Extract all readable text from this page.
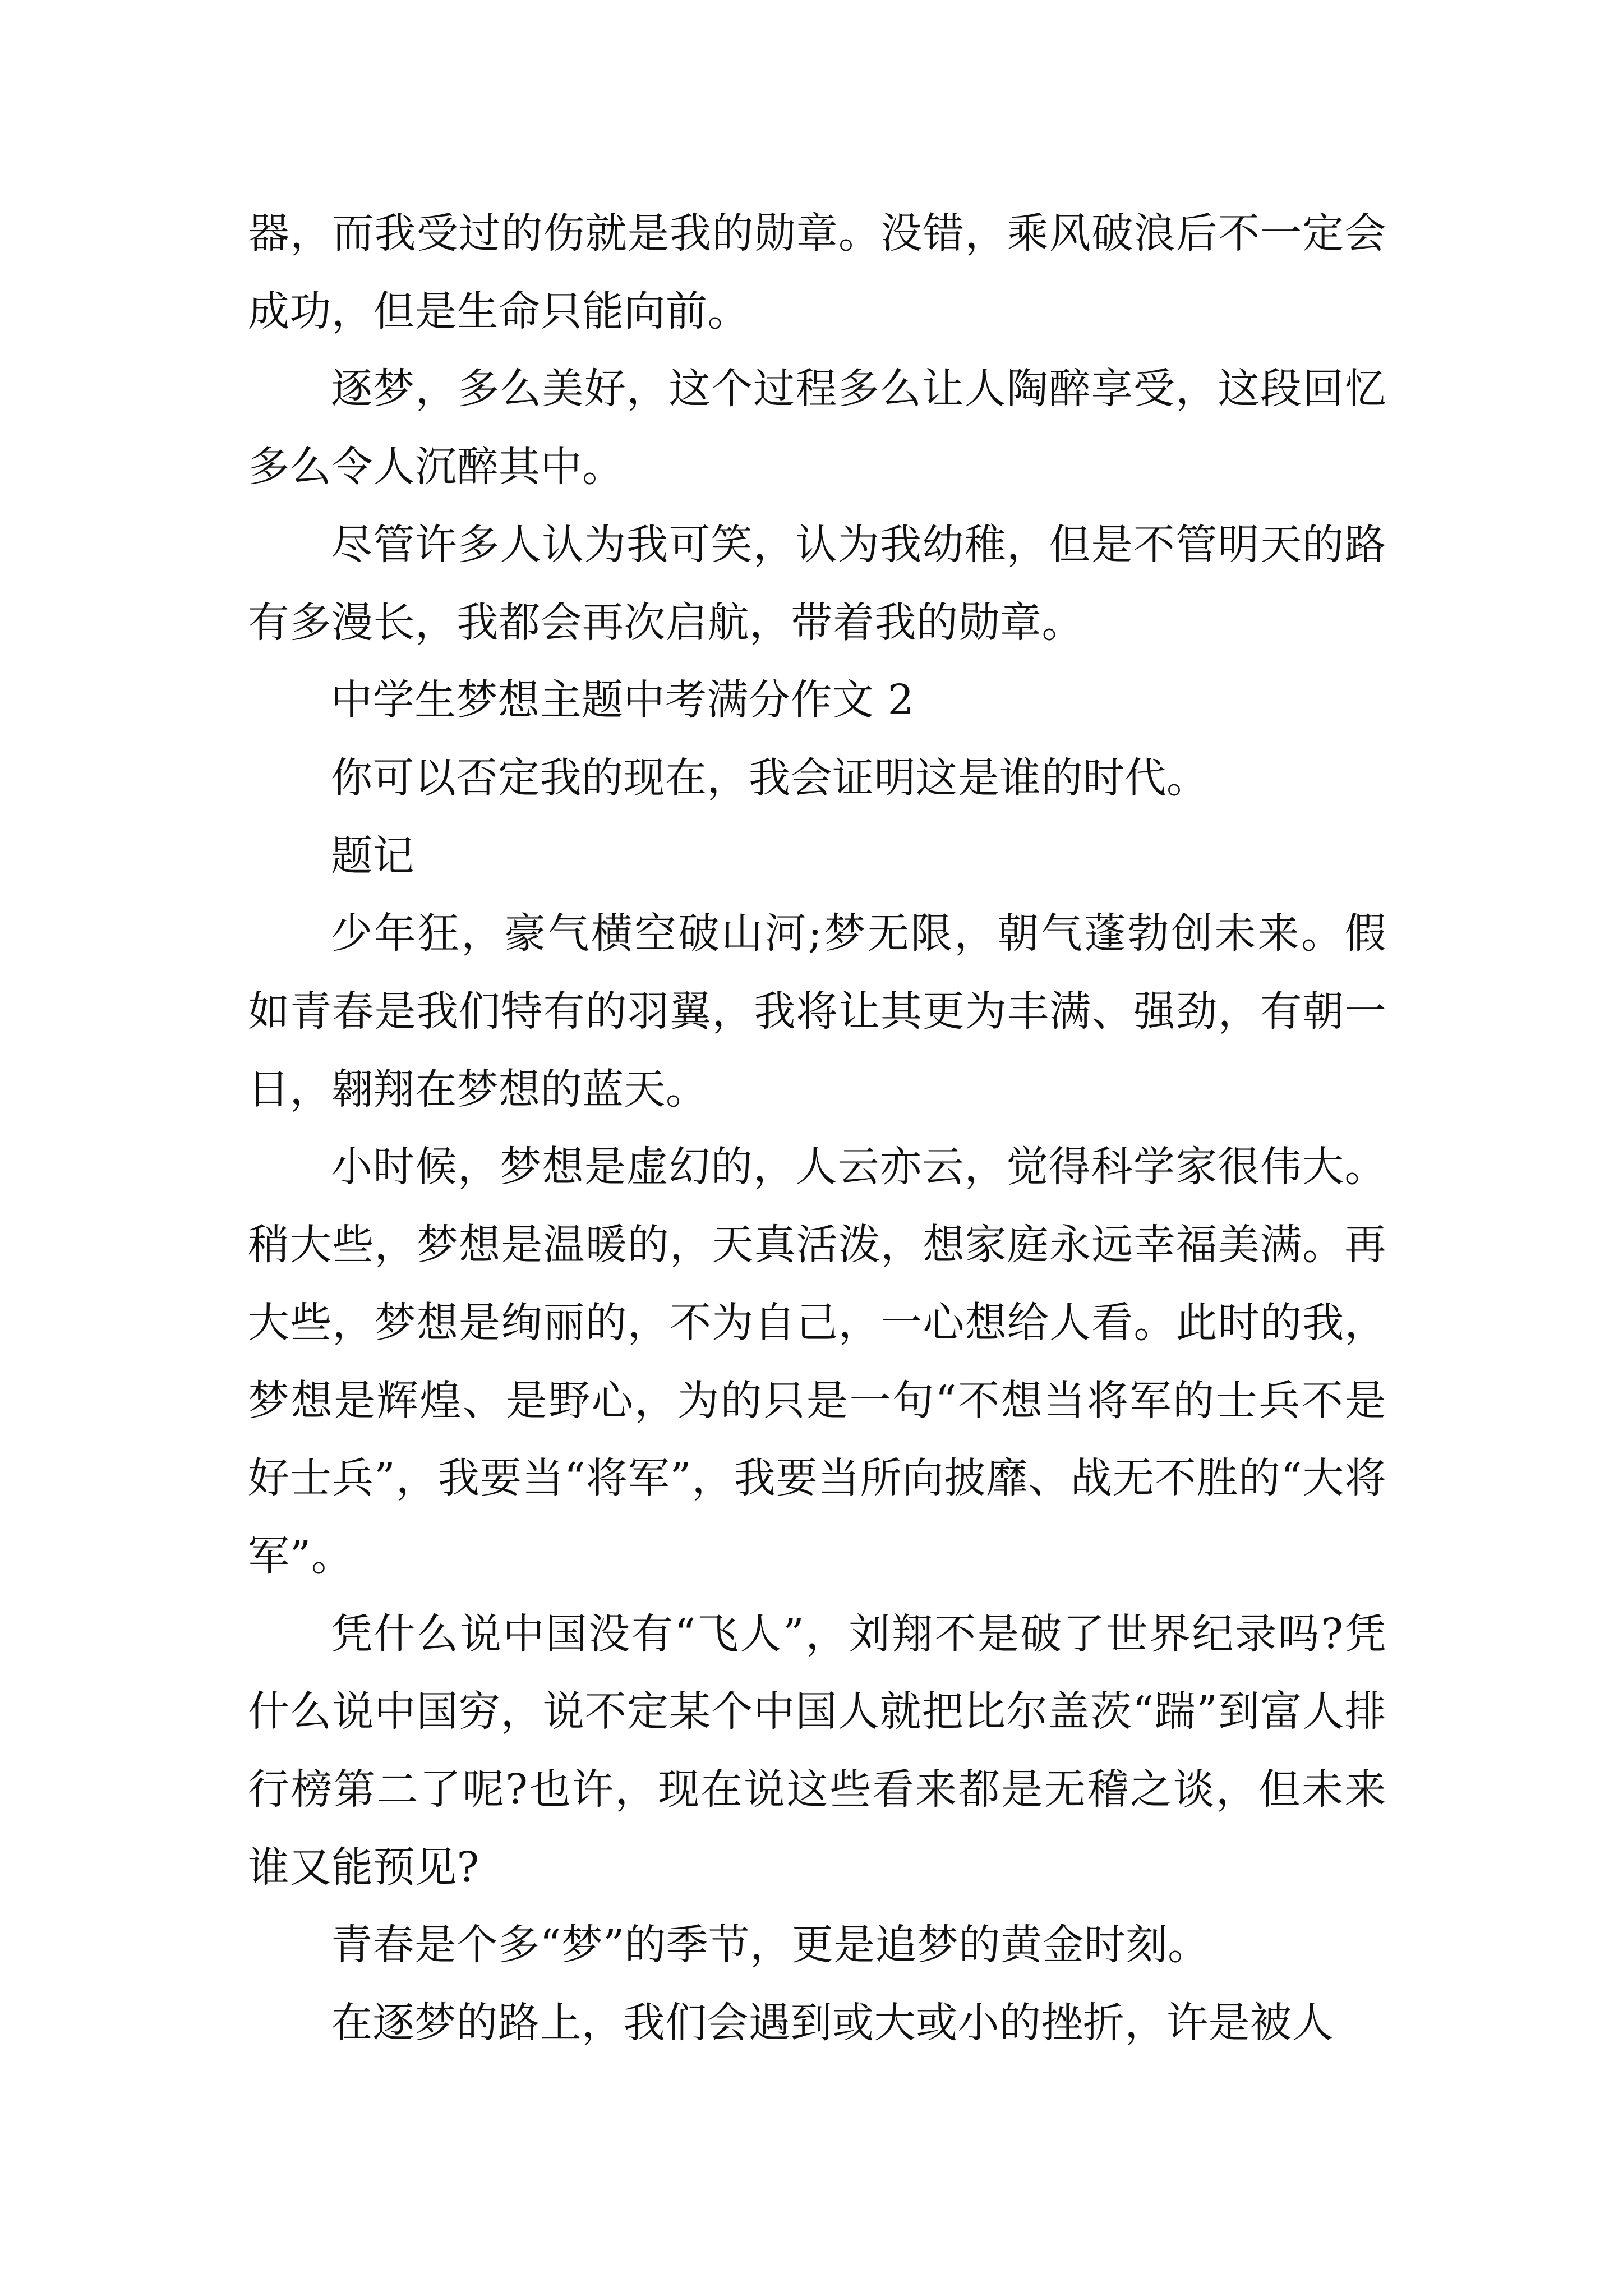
器，而我受过的伤就是我的勋章。没错，乘风破浪后不一定会成功，但是生命只能向前。

逐梦，多么美好，这个过程多么让人陶醉享受，这段回忆多么令人沉醉其中。

尽管许多人认为我可笑，认为我幼稚，但是不管明天的路有多漫长，我都会再次启航，带着我的勋章。

中学生梦想主题中考满分作文 2

你可以否定我的现在，我会证明这是谁的时代。

题记

少年狂，豪气横空破山河;梦无限，朝气蓬勃创未来。假如青春是我们特有的羽翼，我将让其更为丰满、强劲，有朝一日，翱翔在梦想的蓝天。

小时候，梦想是虚幻的，人云亦云，觉得科学家很伟大。稍大些，梦想是温暖的，天真活泼，想家庭永远幸福美满。再大些，梦想是绚丽的，不为自己，一心想给人看。此时的我，梦想是辉煌、是野心，为的只是一句“不想当将军的士兵不是好士兵”，我要当“将军”，我要当所向披靡、战无不胜的“大将军”。

凭什么说中国没有“飞人”，刘翔不是破了世界纪录吗?凭什么说中国穷，说不定某个中国人就把比尔盖茨“踹”到富人排行榜第二了呢?也许，现在说这些看来都是无稽之谈，但未来谁又能预见?

青春是个多“梦”的季节，更是追梦的黄金时刻。

在逐梦的路上，我们会遇到或大或小的挫折，许是被人
